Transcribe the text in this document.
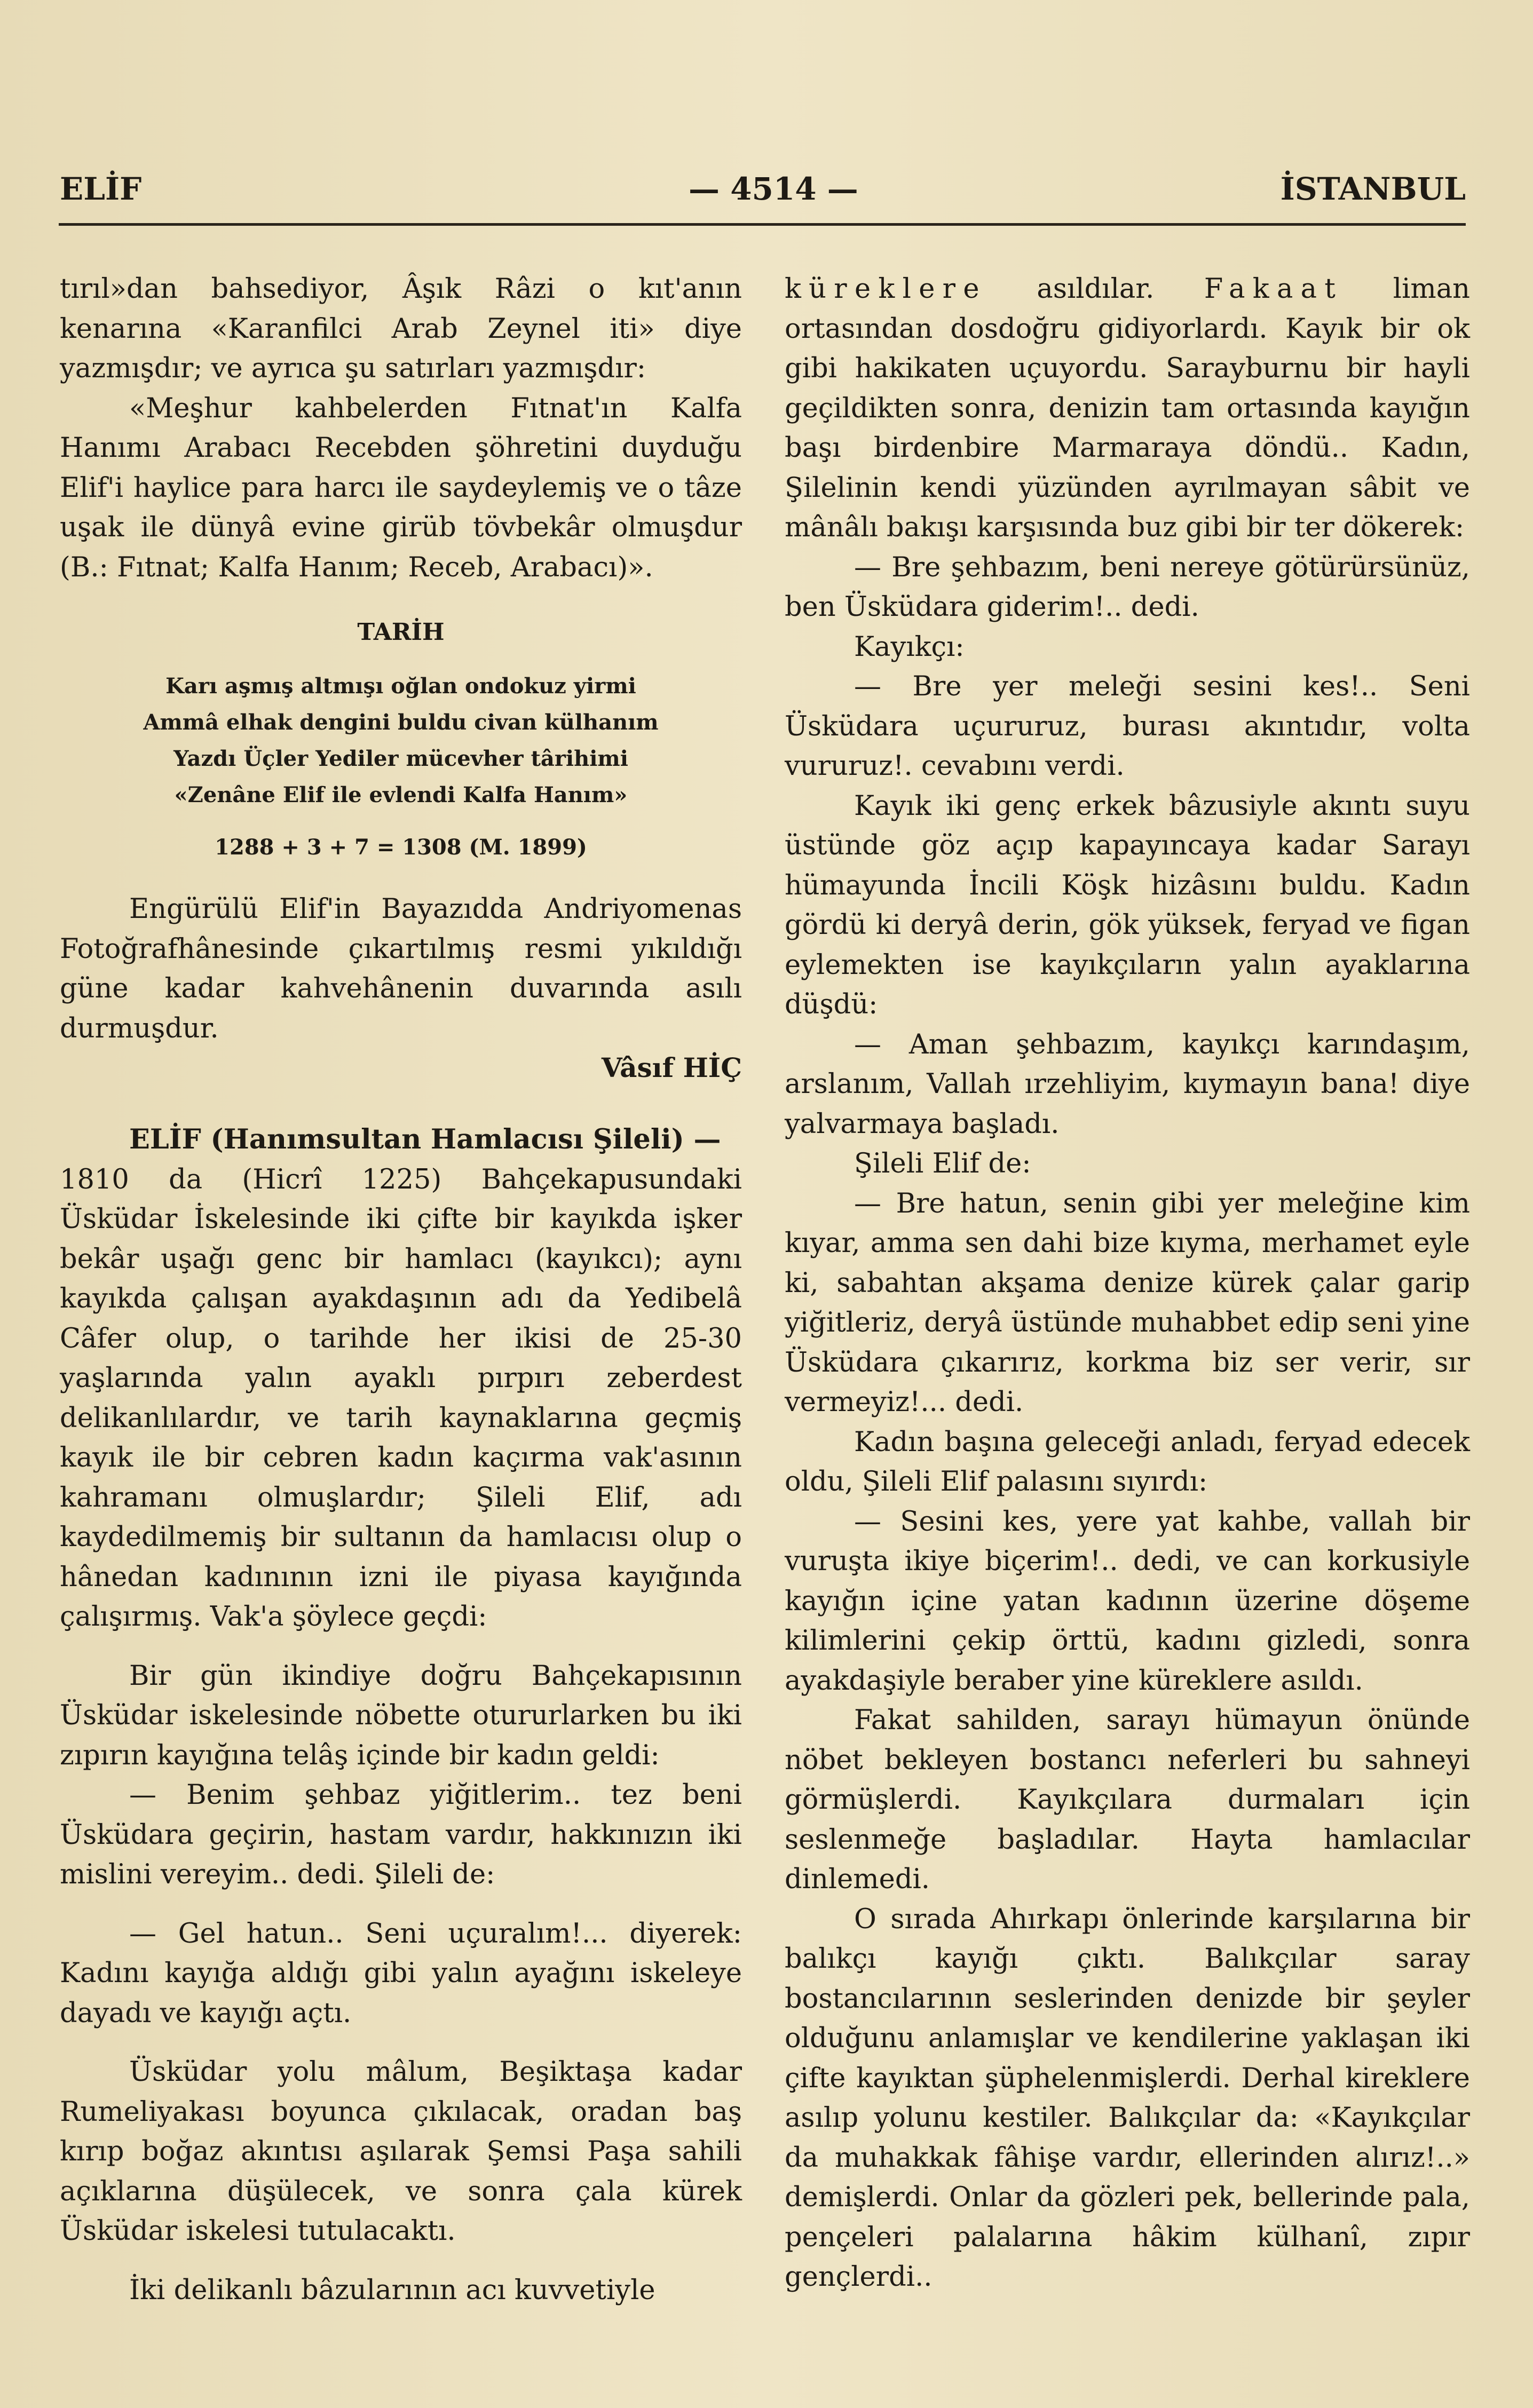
ELİF	— 4514 —	İSTANBUL

tırıl»dan bahsediyor, Âşık Râzi o kıt'anın kenarına «Karanfilci Arab Zeynel iti» diye yazmışdır; ve ayrıca şu satırları yazmışdır:

«Meşhur kahbelerden Fıtnat'ın Kalfa Hanımı Arabacı Recebden şöhretini duyduğu Elif'i haylice para harcı ile saydeylemiş ve o tâze uşak ile dünyâ evine girüb tövbekâr olmuşdur (B.: Fıtnat; Kalfa Hanım; Receb, Arabacı)».

TARİH
Karı aşmış altmışı oğlan ondokuz yirmi
Ammâ elhak dengini buldu civan külhanım
Yazdı Üçler Yediler mücevher târihimi
«Zenâne Elif ile evlendi Kalfa Hanım»
1288 + 3 + 7 = 1308 (M. 1899)

Engürülü Elif'in Bayazıdda Andriyomenas Fotoğrafhânesinde çıkartılmış resmi yıkıldığı güne kadar kahvehânenin duvarında asılı durmuşdur.

Vâsıf HİÇ

ELİF (Hanımsultan Hamlacısı Şileli) —
1810 da (Hicrî 1225) Bahçekapusundaki Üsküdar İskelesinde iki çifte bir kayıkda işker bekâr uşağı genc bir hamlacı (kayıkcı); aynı kayıkda çalışan ayakdaşının adı da Yedibelâ Câfer olup, o tarihde her ikisi de 25-30 yaşlarında yalın ayaklı pırpırı zeberdest delikanlılardır, ve tarih kaynaklarına geçmiş kayık ile bir cebren kadın kaçırma vak'asının kahramanı olmuşlardır; Şileli Elif, adı kaydedilmemiş bir sultanın da hamlacısı olup o hânedan kadınının izni ile piyasa kayığında çalışırmış. Vak'a şöylece geçdi:

Bir gün ikindiye doğru Bahçekapısının Üsküdar iskelesinde nöbette otururlarken bu iki zıpırın kayığına telâş içinde bir kadın geldi:

— Benim şehbaz yiğitlerim.. tez beni Üsküdara geçirin, hastam vardır, hakkınızın iki mislini vereyim.. dedi. Şileli de:

— Gel hatun.. Seni uçuralım!... diyerek: Kadını kayığa aldığı gibi yalın ayağını iskeleye dayadı ve kayığı açtı.

Üsküdar yolu mâlum, Beşiktaşa kadar Rumeliyakası boyunca çıkılacak, oradan baş kırıp boğaz akıntısı aşılarak Şemsi Paşa sahili açıklarına düşülecek, ve sonra çala kürek Üsküdar iskelesi tutulacaktı.

İki delikanlı bâzularının acı kuvvetiyle

küreklere asıldılar. Fakaat liman ortasından dosdoğru gidiyorlardı. Kayık bir ok gibi hakikaten uçuyordu. Sarayburnu bir hayli geçildikten sonra, denizin tam ortasında kayığın başı birdenbire Marmaraya döndü.. Kadın, Şilelinin kendi yüzünden ayrılmayan sâbit ve mânâlı bakışı karşısında buz gibi bir ter dökerek:

— Bre şehbazım, beni nereye götürürsünüz, ben Üsküdara giderim!.. dedi.

Kayıkçı:

— Bre yer meleği sesini kes!.. Seni Üsküdara uçururuz, burası akıntıdır, volta vururuz!. cevabını verdi.

Kayık iki genç erkek bâzusiyle akıntı suyu üstünde göz açıp kapayıncaya kadar Sarayı hümayunda İncili Köşk hizâsını buldu. Kadın gördü ki deryâ derin, gök yüksek, feryad ve figan eylemekten ise kayıkçıların yalın ayaklarına düşdü:

— Aman şehbazım, kayıkçı karındaşım, arslanım, Vallah ırzehliyim, kıymayın bana! diye yalvarmaya başladı.

Şileli Elif de:

— Bre hatun, senin gibi yer meleğine kim kıyar, amma sen dahi bize kıyma, merhamet eyle ki, sabahtan akşama denize kürek çalar garip yiğitleriz, deryâ üstünde muhabbet edip seni yine Üsküdara çıkarırız, korkma biz ser verir, sır vermeyiz!... dedi.

Kadın başına geleceği anladı, feryad edecek oldu, Şileli Elif palasını sıyırdı:

— Sesini kes, yere yat kahbe, vallah bir vuruşta ikiye biçerim!.. dedi, ve can korkusiyle kayığın içine yatan kadının üzerine döşeme kilimlerini çekip örttü, kadını gizledi, sonra ayakdaşiyle beraber yine küreklere asıldı.

Fakat sahilden, sarayı hümayun önünde nöbet bekleyen bostancı neferleri bu sahneyi görmüşlerdi. Kayıkçılara durmaları için seslenmeğe başladılar. Hayta hamlacılar dinlemedi.

O sırada Ahırkapı önlerinde karşılarına bir balıkçı kayığı çıktı. Balıkçılar saray bostancılarının seslerinden denizde bir şeyler olduğunu anlamışlar ve kendilerine yaklaşan iki çifte kayıktan şüphelenmişlerdi. Derhal kireklere asılıp yolunu kestiler. Balıkçılar da: «Kayıkçılar da muhakkak fâhişe vardır, ellerinden alırız!..» demişlerdi. Onlar da gözleri pek, bellerinde pala, pençeleri palalarına hâkim külhanî, zıpır gençlerdi..
